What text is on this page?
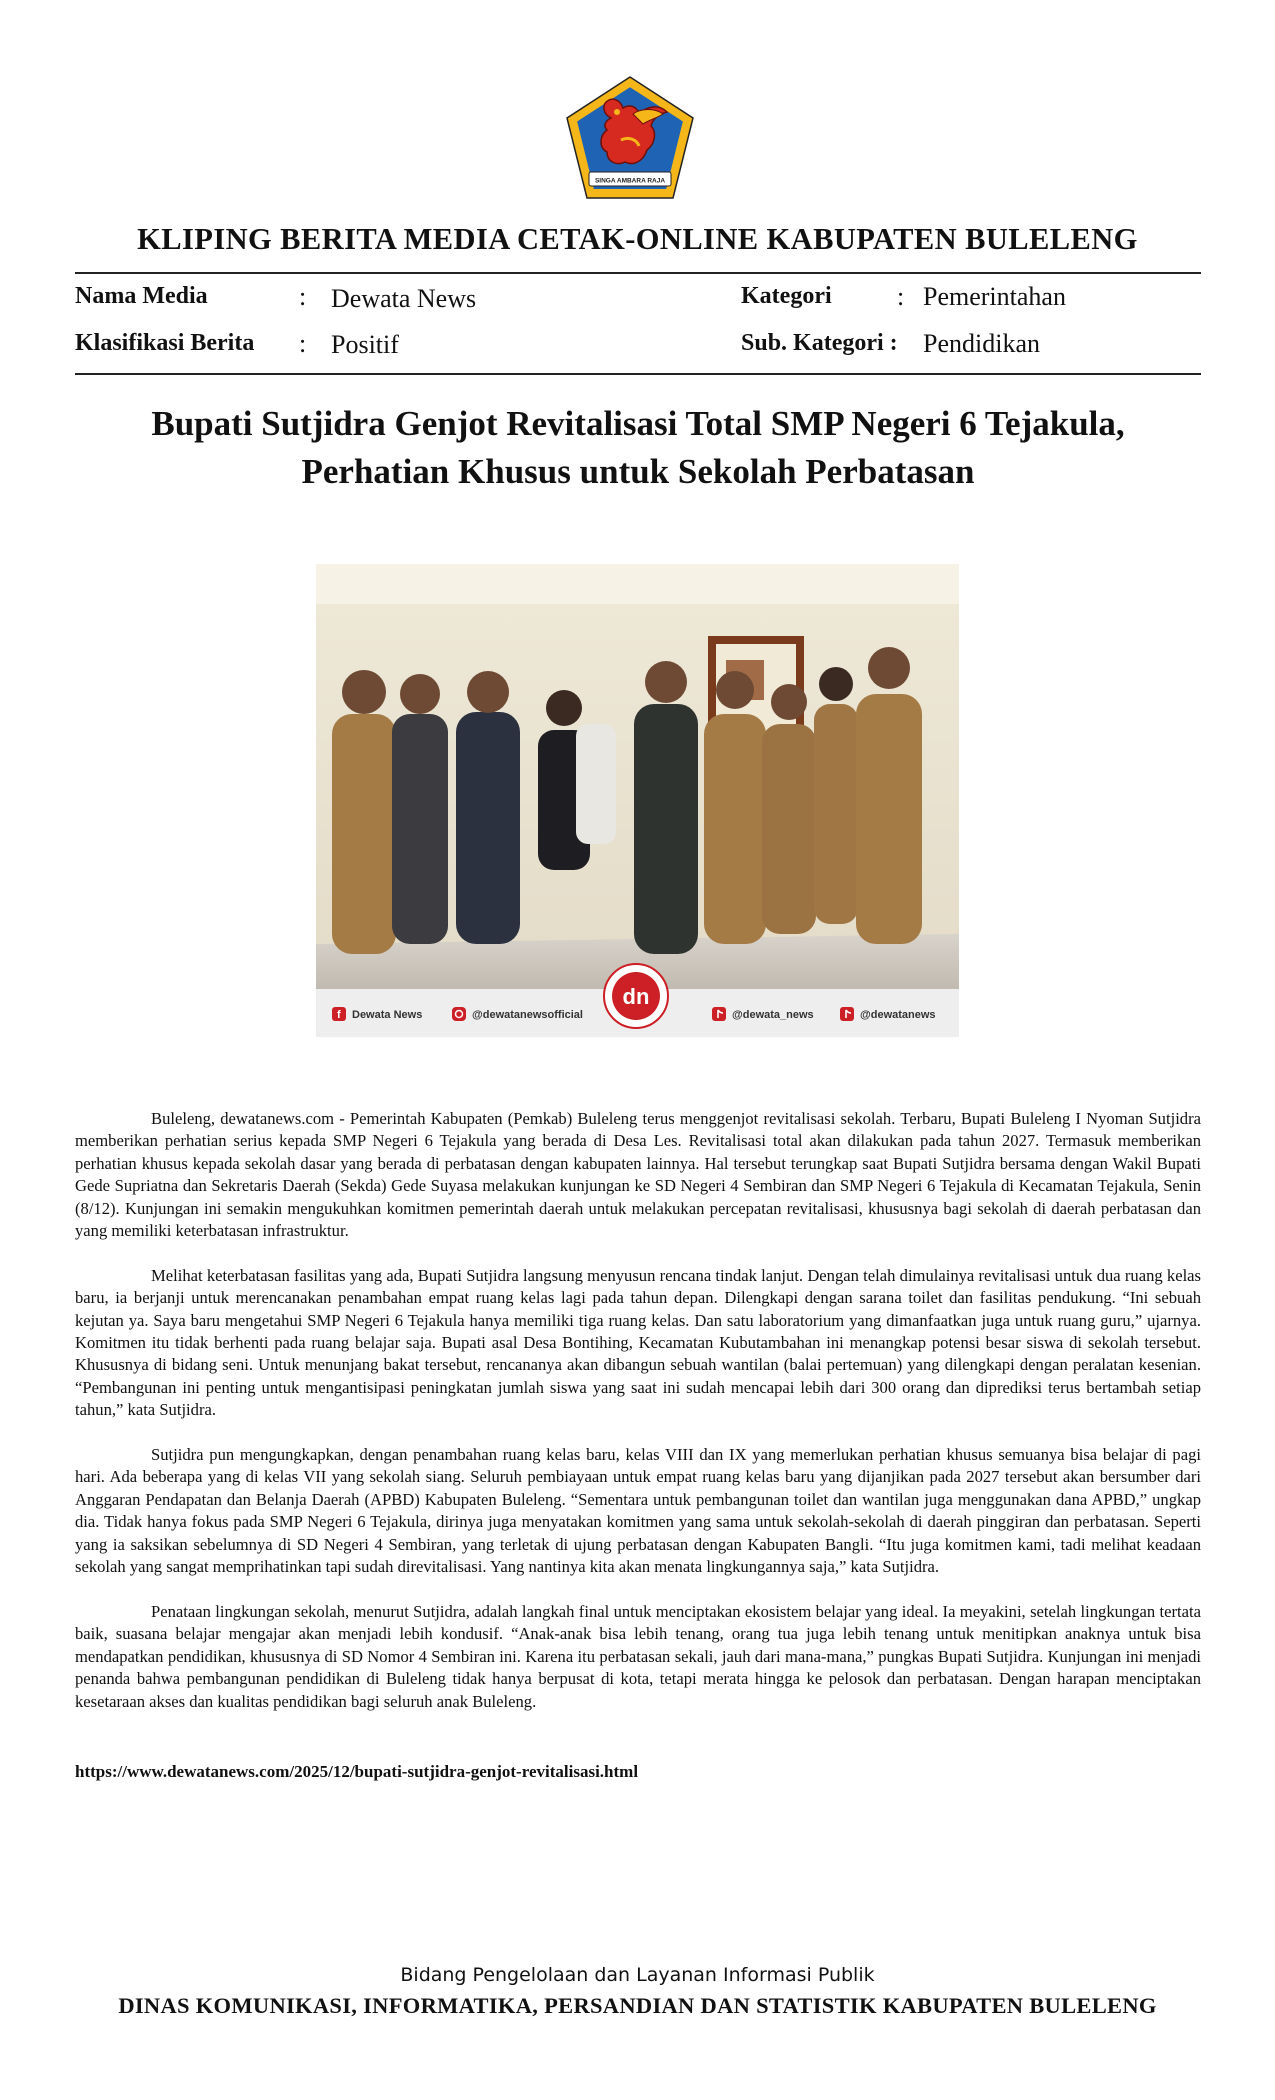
SINGA AMBARA RAJA
KLIPING BERITA MEDIA CETAK-ONLINE KABUPATEN BULELENG
Nama Media	: Dewata News	Kategori	: Pemerintahan
Klasifikasi Berita : Positif	Sub. Kategori : Pendidikan
Bupati Sutjidra Genjot Revitalisasi Total SMP Negeri 6 Tejakula,
Perhatian Khusus untuk Sekolah Perbatasan
dn
f Dewata News	@dewatanewsofficial	@dewata_news	@dewatanews

Buleleng, dewatanews.com - Pemerintah Kabupaten (Pemkab) Buleleng terus menggenjot revitalisasi sekolah. Terbaru, Bupati Buleleng I Nyoman Sutjidra memberikan perhatian serius kepada SMP Negeri 6 Tejakula yang berada di Desa Les. Revitalisasi total akan dilakukan pada tahun 2027. Termasuk memberikan perhatian khusus kepada sekolah dasar yang berada di perbatasan dengan kabupaten lainnya. Hal tersebut terungkap saat Bupati Sutjidra bersama dengan Wakil Bupati Gede Supriatna dan Sekretaris Daerah (Sekda) Gede Suyasa melakukan kunjungan ke SD Negeri 4 Sembiran dan SMP Negeri 6 Tejakula di Kecamatan Tejakula, Senin (8/12). Kunjungan ini semakin mengukuhkan komitmen pemerintah daerah untuk melakukan percepatan revitalisasi, khususnya bagi sekolah di daerah perbatasan dan yang memiliki keterbatasan infrastruktur.

Melihat keterbatasan fasilitas yang ada, Bupati Sutjidra langsung menyusun rencana tindak lanjut. Dengan telah dimulainya revitalisasi untuk dua ruang kelas baru, ia berjanji untuk merencanakan penambahan empat ruang kelas lagi pada tahun depan. Dilengkapi dengan sarana toilet dan fasilitas pendukung. “Ini sebuah kejutan ya. Saya baru mengetahui SMP Negeri 6 Tejakula hanya memiliki tiga ruang kelas. Dan satu laboratorium yang dimanfaatkan juga untuk ruang guru,” ujarnya. Komitmen itu tidak berhenti pada ruang belajar saja. Bupati asal Desa Bontihing, Kecamatan Kubutambahan ini menangkap potensi besar siswa di sekolah tersebut. Khususnya di bidang seni. Untuk menunjang bakat tersebut, rencananya akan dibangun sebuah wantilan (balai pertemuan) yang dilengkapi dengan peralatan kesenian. “Pembangunan ini penting untuk mengantisipasi peningkatan jumlah siswa yang saat ini sudah mencapai lebih dari 300 orang dan diprediksi terus bertambah setiap tahun,” kata Sutjidra.

Sutjidra pun mengungkapkan, dengan penambahan ruang kelas baru, kelas VIII dan IX yang memerlukan perhatian khusus semuanya bisa belajar di pagi hari. Ada beberapa yang di kelas VII yang sekolah siang. Seluruh pembiayaan untuk empat ruang kelas baru yang dijanjikan pada 2027 tersebut akan bersumber dari Anggaran Pendapatan dan Belanja Daerah (APBD) Kabupaten Buleleng. “Sementara untuk pembangunan toilet dan wantilan juga menggunakan dana APBD,” ungkap dia. Tidak hanya fokus pada SMP Negeri 6 Tejakula, dirinya juga menyatakan komitmen yang sama untuk sekolah-sekolah di daerah pinggiran dan perbatasan. Seperti yang ia saksikan sebelumnya di SD Negeri 4 Sembiran, yang terletak di ujung perbatasan dengan Kabupaten Bangli. “Itu juga komitmen kami, tadi melihat keadaan sekolah yang sangat memprihatinkan tapi sudah direvitalisasi. Yang nantinya kita akan menata lingkungannya saja,” kata Sutjidra.

Penataan lingkungan sekolah, menurut Sutjidra, adalah langkah final untuk menciptakan ekosistem belajar yang ideal. Ia meyakini, setelah lingkungan tertata baik, suasana belajar mengajar akan menjadi lebih kondusif. “Anak-anak bisa lebih tenang, orang tua juga lebih tenang untuk menitipkan anaknya untuk bisa mendapatkan pendidikan, khususnya di SD Nomor 4 Sembiran ini. Karena itu perbatasan sekali, jauh dari mana-mana,” pungkas Bupati Sutjidra. Kunjungan ini menjadi penanda bahwa pembangunan pendidikan di Buleleng tidak hanya berpusat di kota, tetapi merata hingga ke pelosok dan perbatasan. Dengan harapan menciptakan kesetaraan akses dan kualitas pendidikan bagi seluruh anak Buleleng.

https://www.dewatanews.com/2025/12/bupati-sutjidra-genjot-revitalisasi.html
Bidang Pengelolaan dan Layanan Informasi Publik
DINAS KOMUNIKASI, INFORMATIKA, PERSANDIAN DAN STATISTIK KABUPATEN BULELENG
